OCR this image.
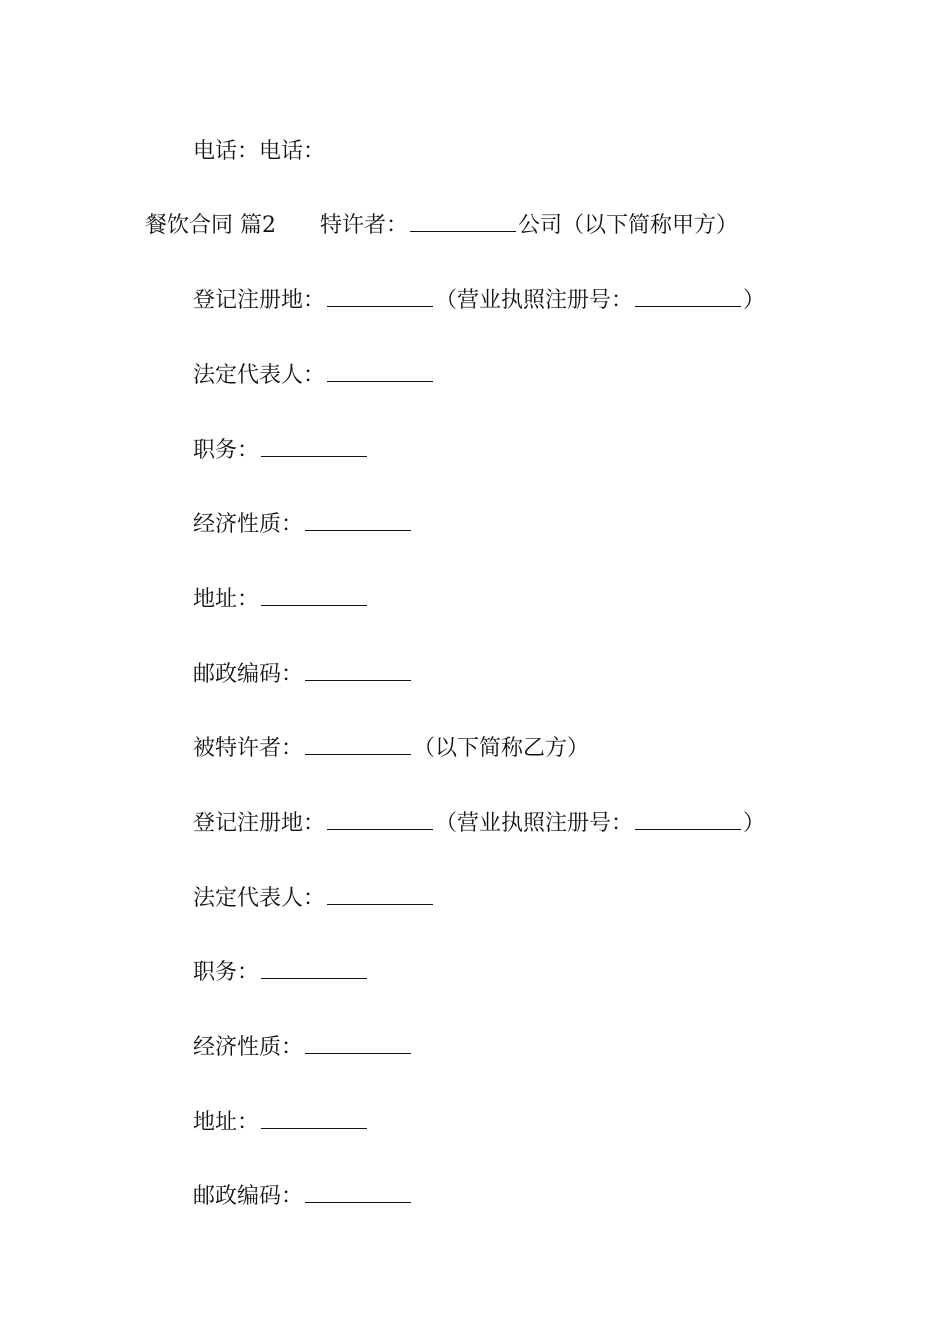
电话：电话：
餐饮合同 篇2 特许者：	公司（以下简称甲方）
登记注册地：	（营业执照注册号：	）
法定代表人：
职务：
经济性质：
地址：
邮政编码：
被特许者：	（以下简称乙方）
登记注册地：	（营业执照注册号：	）
法定代表人：
职务：
经济性质：
地址：
邮政编码：
